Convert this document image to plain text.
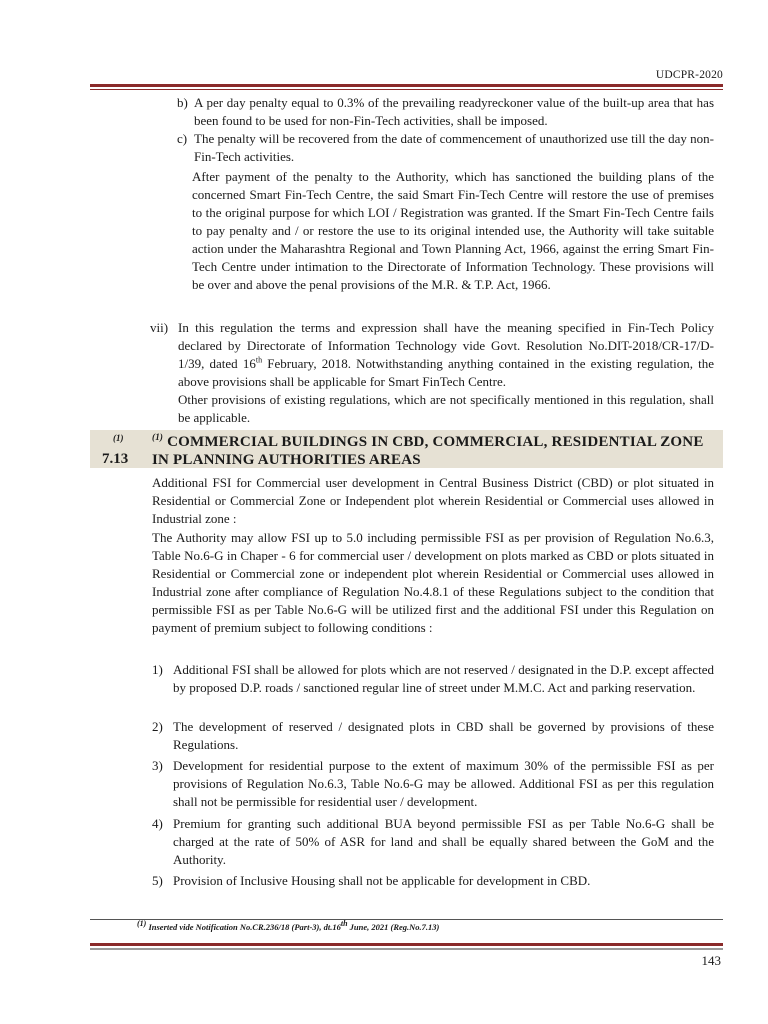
UDCPR-2020
b) A per day penalty equal to 0.3% of the prevailing readyreckoner value of the built-up area that has been found to be used for non-Fin-Tech activities, shall be imposed.
c) The penalty will be recovered from the date of commencement of unauthorized use till the day non-Fin-Tech activities.
After payment of the penalty to the Authority, which has sanctioned the building plans of the concerned Smart Fin-Tech Centre, the said Smart Fin-Tech Centre will restore the use of premises to the original purpose for which LOI / Registration was granted. If the Smart Fin-Tech Centre fails to pay penalty and / or restore the use to its original intended use, the Authority will take suitable action under the Maharashtra Regional and Town Planning Act, 1966, against the erring Smart Fin-Tech Centre under intimation to the Directorate of Information Technology. These provisions will be over and above the penal provisions of the M.R. & T.P. Act, 1966.
vii) In this regulation the terms and expression shall have the meaning specified in Fin-Tech Policy declared by Directorate of Information Technology vide Govt. Resolution No.DIT-2018/CR-17/D-1/39, dated 16th February, 2018. Notwithstanding anything contained in the existing regulation, the above provisions shall be applicable for Smart FinTech Centre.
Other provisions of existing regulations, which are not specifically mentioned in this regulation, shall be applicable.
Additional FSI for Commercial user development in Central Business District (CBD) or plot situated in Residential or Commercial Zone or Independent plot wherein Residential or Commercial uses allowed in Industrial zone :
The Authority may allow FSI up to 5.0 including permissible FSI as per provision of Regulation No.6.3, Table No.6-G in Chaper - 6 for commercial user / development on plots marked as CBD or plots situated in Residential or Commercial zone or independent plot wherein Residential or Commercial uses allowed in Industrial zone after compliance of Regulation No.4.8.1 of these Regulations subject to the condition that permissible FSI as per Table No.6-G will be utilized first and the additional FSI under this Regulation on payment of premium subject to following conditions :
1) Additional FSI shall be allowed for plots which are not reserved / designated in the D.P. except affected by proposed D.P. roads / sanctioned regular line of street under M.M.C. Act and parking reservation.
2) The development of reserved / designated plots in CBD shall be governed by provisions of these Regulations.
3) Development for residential purpose to the extent of maximum 30% of the permissible FSI as per provisions of Regulation No.6.3, Table No.6-G may be allowed. Additional FSI as per this regulation shall not be permissible for residential user / development.
4) Premium for granting such additional BUA beyond permissible FSI as per Table No.6-G shall be charged at the rate of 50% of ASR for land and shall be equally shared between the GoM and the Authority.
5) Provision of Inclusive Housing shall not be applicable for development in CBD.
(1)
7.13
$^{(1)}$ COMMERCIAL BUILDINGS IN CBD, COMMERCIAL, RESIDENTIAL ZONE IN PLANNING AUTHORITIES AREAS
$^{(1)}$ Inserted vide Notification No.CR.236/18 (Part-3), dt.16th June, 2021 (Reg.No.7.13)
143
